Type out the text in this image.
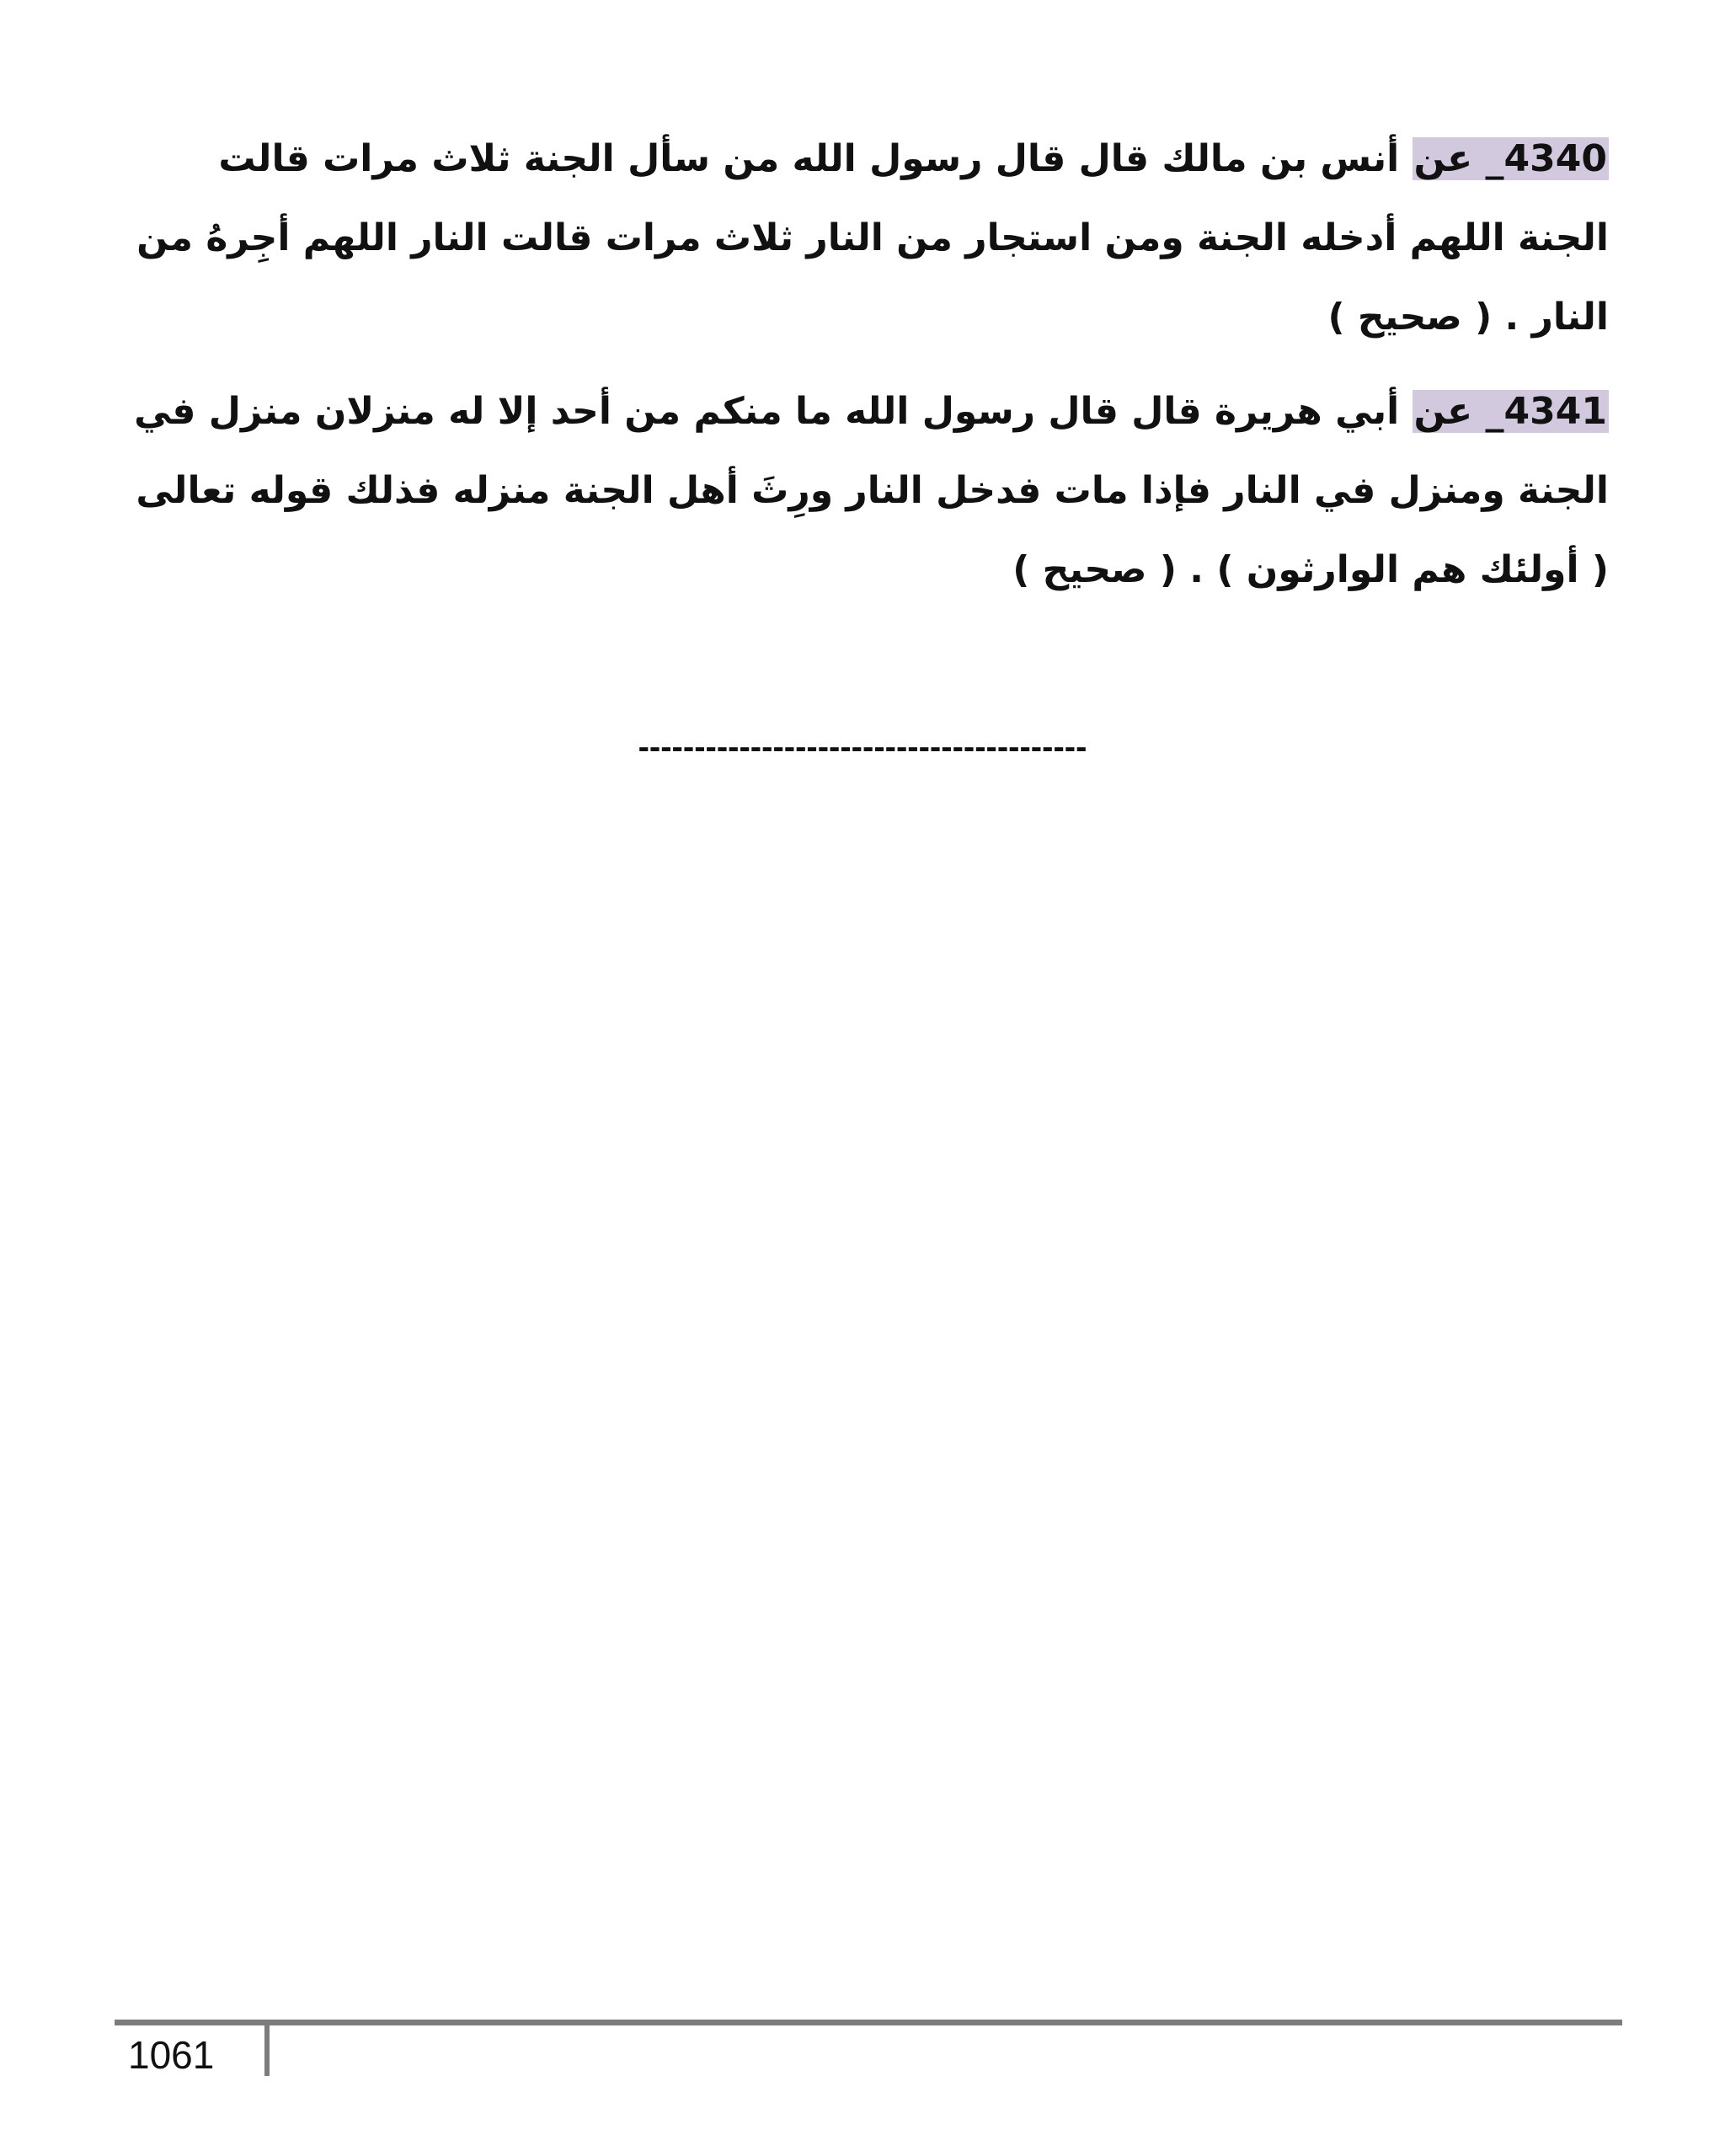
4340_ عن أنس بن مالك قال قال رسول الله من سأل الجنة ثلاث مرات قالت الجنة اللهم أدخله الجنة ومن استجار من النار ثلاث مرات قالت النار اللهم أجِرهُ من النار . ( صحيح )

4341_ عن أبي هريرة قال قال رسول الله ما منكم من أحد إلا له منزلان منزل في الجنة ومنزل في النار فإذا مات فدخل النار ورِثَ أهل الجنة منزله فذلك قوله تعالى ( أولئك هم الوارثون ) . ( صحيح )

----------------------------------------
1061
